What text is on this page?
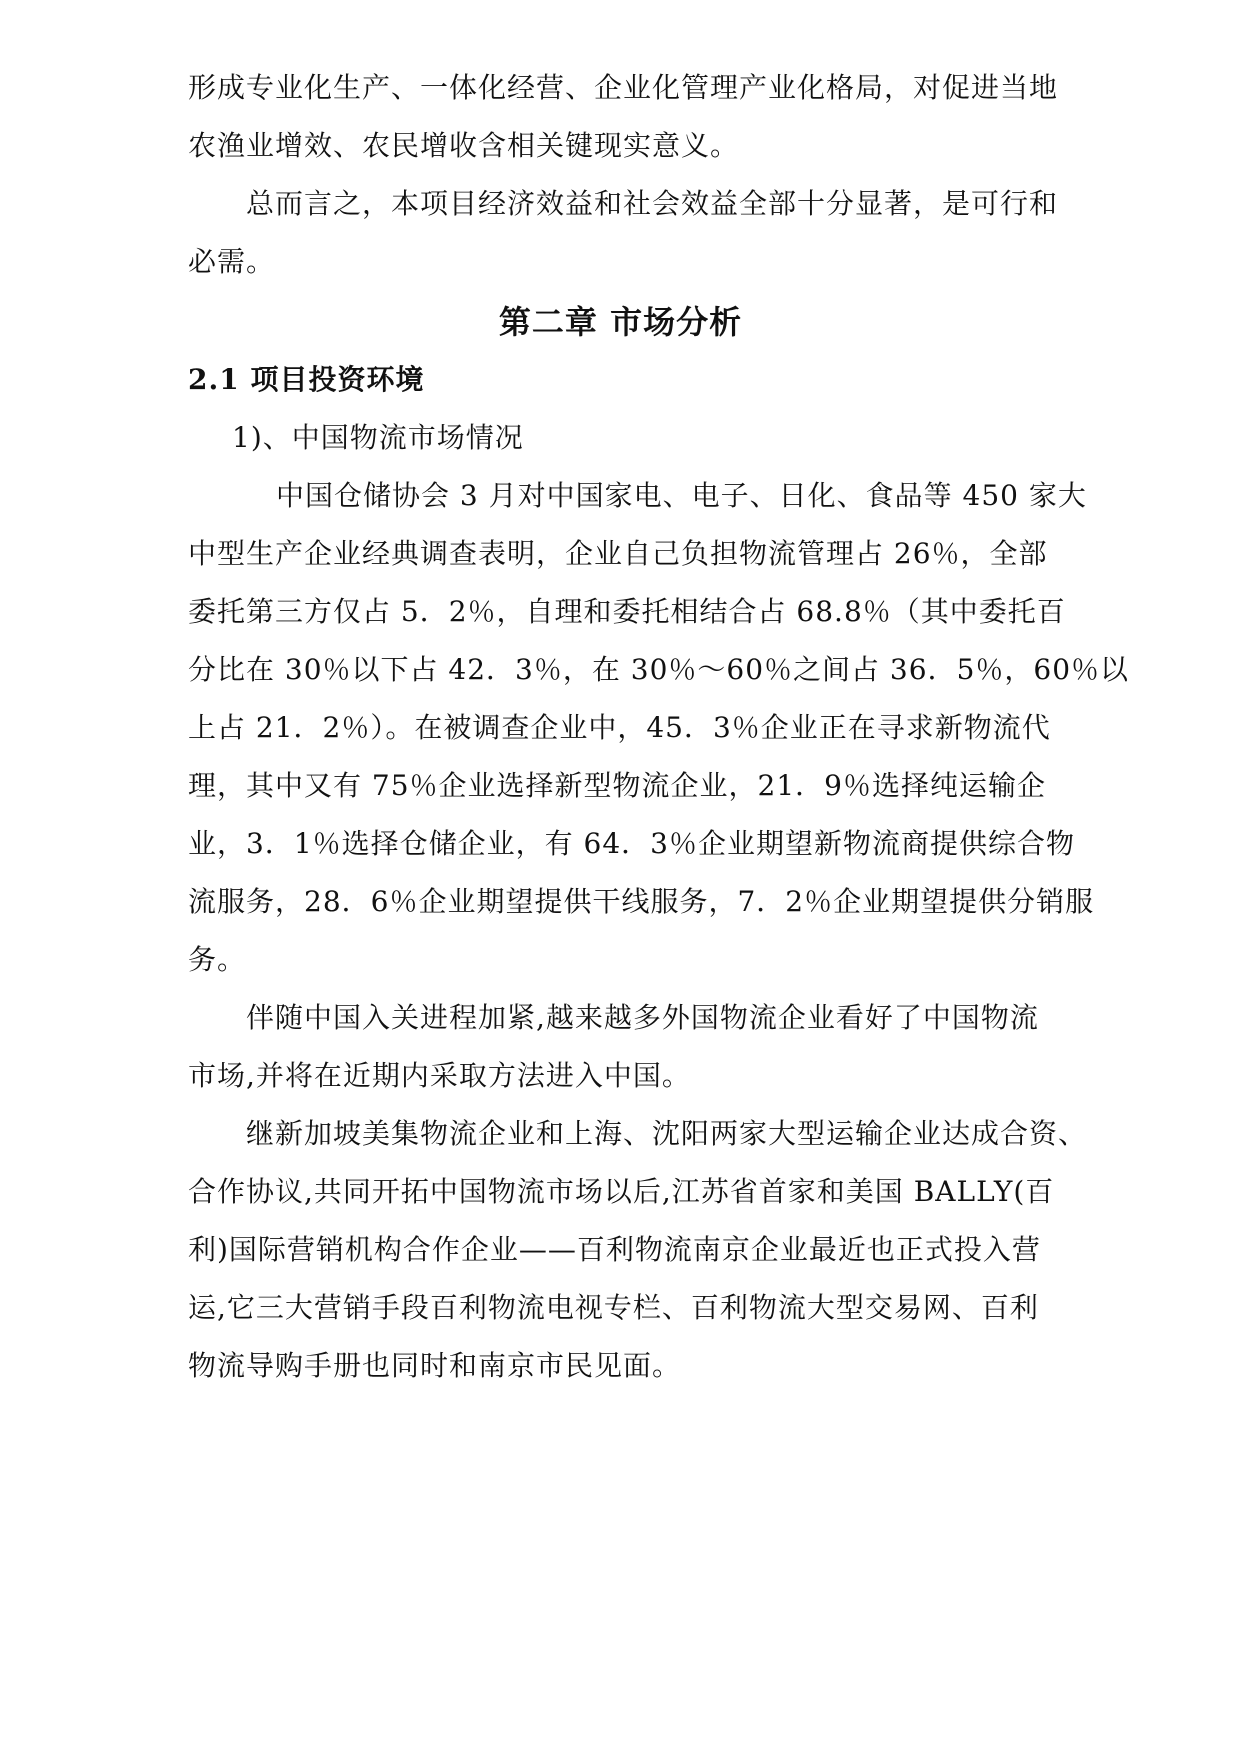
形成专业化生产、一体化经营、企业化管理产业化格局，对促进当地
农渔业增效、农民增收含相关键现实意义。
总而言之，本项目经济效益和社会效益全部十分显著，是可行和
必需。
第二章 市场分析
2.1 项目投资环境
1)、中国物流市场情况
中国仓储协会 3 月对中国家电、电子、日化、食品等 450 家大
中型生产企业经典调查表明，企业自己负担物流管理占 26％，全部
委托第三方仅占 5．2％，自理和委托相结合占 68.8％（其中委托百
分比在 30％以下占 42．3％，在 30％～60％之间占 36．5％，60％以
上占 21．2％）。在被调查企业中，45．3％企业正在寻求新物流代
理，其中又有 75％企业选择新型物流企业，21．9％选择纯运输企
业，3．1％选择仓储企业，有 64．3％企业期望新物流商提供综合物
流服务，28．6％企业期望提供干线服务，7．2％企业期望提供分销服
务。
伴随中国入关进程加紧,越来越多外国物流企业看好了中国物流
市场,并将在近期内采取方法进入中国。
继新加坡美集物流企业和上海、沈阳两家大型运输企业达成合资、
合作协议,共同开拓中国物流市场以后,江苏省首家和美国 BALLY(百
利)国际营销机构合作企业——百利物流南京企业最近也正式投入营
运,它三大营销手段百利物流电视专栏、百利物流大型交易网、百利
物流导购手册也同时和南京市民见面。
